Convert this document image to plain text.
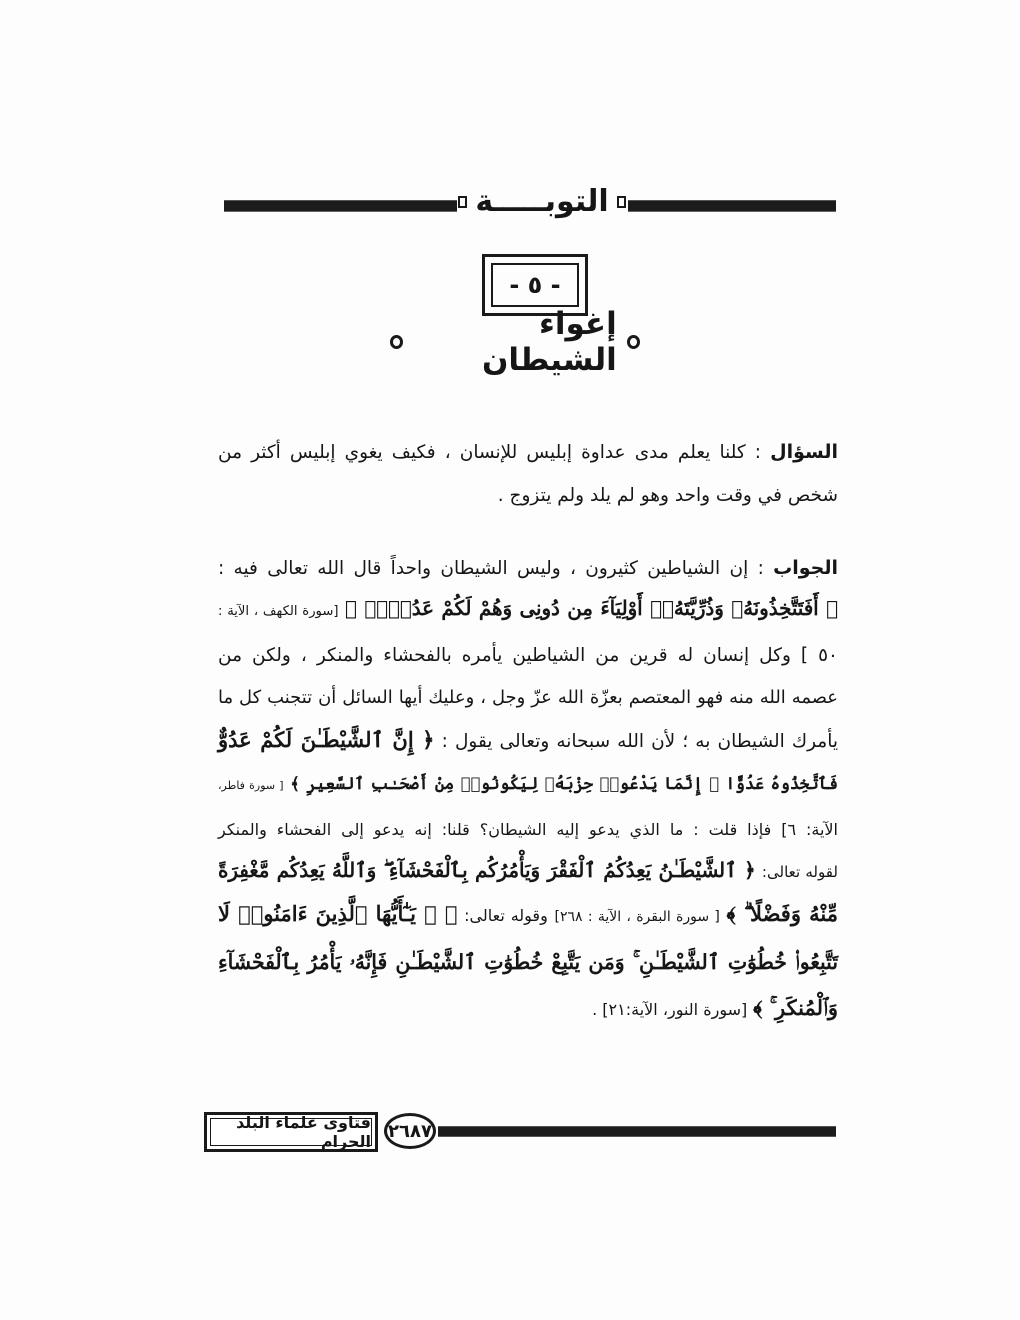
التوبـــــة
- ٥ -
إغواء الشيطان
السؤال : كلنا يعلم مدى عداوة إبليس للإنسان ، فكيف يغوي إبليس أكثر من
شخص في وقت واحد وهو لم يلد ولم يتزوج .
الجواب : إن الشياطين كثيرون ، وليس الشيطان واحداً قال الله تعالى فيه :
﴿ أَفَتَتَّخِذُونَهُۥ وَذُرِّيَّتَهُۥٓ أَوْلِيَآءَ مِن دُونِى وَهُمْ لَكُمْ عَدُوٌّۢ ﴾ [سورة الكهف ، الآية :
٥٠ ] وكل إنسان له قرين من الشياطين يأمره بالفحشاء والمنكر ، ولكن من
عصمه الله منه فهو المعتصم بعزّة الله عزّ وجل ، وعليك أيها السائل أن تتجنب كل ما
يأمرك الشيطان به ؛ لأن الله سبحانه وتعالى يقول : ﴿ إِنَّ ٱلشَّيْطَـٰنَ لَكُمْ عَدُوٌّ
فَٱتَّخِذُوهُ عَدُوًّا ۚ إِنَّمَا يَدْعُوا۟ حِزْبَهُۥ لِيَكُونُوا۟ مِنْ أَصْحَـٰبِ ٱلسَّعِيرِ ﴾ [ سورة فاطر،
الآية: ٦] فإذا قلت : ما الذي يدعو إليه الشيطان؟ قلنا: إنه يدعو إلى الفحشاء والمنكر
لقوله تعالى: ﴿ ٱلشَّيْطَـٰنُ يَعِدُكُمُ ٱلْفَقْرَ وَيَأْمُرُكُم بِٱلْفَحْشَآءِ ۖ وَٱللَّهُ يَعِدُكُم مَّغْفِرَةً
مِّنْهُ وَفَضْلًا ۗ ﴾ [ سورة البقرة ، الآية : ٢٦٨] وقوله تعالى: ﴿ ۞ يَـٰٓأَيُّهَا ٱلَّذِينَ ءَامَنُوا۟ لَا
تَتَّبِعُوا۟ خُطُوَٰتِ ٱلشَّيْطَـٰنِ ۚ وَمَن يَتَّبِعْ خُطُوَٰتِ ٱلشَّيْطَـٰنِ فَإِنَّهُۥ يَأْمُرُ بِٱلْفَحْشَآءِ
وَٱلْمُنكَرِ ۚ ﴾ [سورة النور، الآية:٢١] .
٢٦٨٧
فتاوى علماء البلد الحرام
